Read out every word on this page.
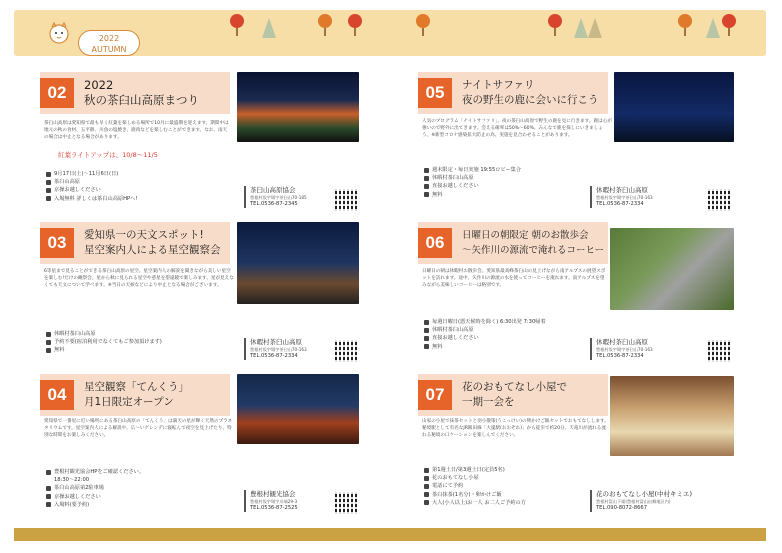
2022
AUTUMN
02	2022
秋の茶臼山高原まつり
茶臼山高原は愛知県で最も早く紅葉を楽しめる場所で10月に最盛期を迎えます。期間中は地元の秋の食材、五平餅、川魚の塩焼き、鹿肉などを楽しむことができます。なお、雨天の場合は中止となる場合があります。
紅葉ライトアップは、10/8～11/5
9月17日(土)～11月6日(日)
茶臼山高原
京操お越しください
入場無料 詳しくは茶臼山高原HPへ!
茶臼山高原協会
豊根村坂宇場字茶臼山70-185
TEL.0536-87-2345
03	愛知県一の天文スポット!
星空案内人による星空観察会
6等星まで見ることができる茶臼山高原の星空。星空案内人の解説を聞きながら美しい星空を楽しむ!だけの観察会。星から秋に見られる星空や惑星を望遠鏡で楽しみます。星が見えなくても天文について学べます。※当日の天候などにより中止となる場合がございます。
休暇村茶臼山高原
予約不要(宿泊利用でなくてもご参加頂けます)
無料
休暇村茶臼山高原
豊根村坂宇場字茶臼山70-163
TEL.0536-87-2334
04	星空観察「てんくう」
月1日限定オープン
愛知県で一番星に近い場所にある茶臼山高原の「てんくう」は満天の星が輝く天然のプラネタリウムです。星空案内人による解説や、広～いゲレンデに寝転んで夜空を見上げたり、特別な時間をお楽しみください。
豊根村観光協会HPをご確認ください。
18:30～22:00
茶臼山高原第2駐車場
京操お越しください
入場料(要予約)
豊根村観光協会
豊根村坂宇場字川端29-3
TEL.0536-87-2525
05	ナイトサファリ
夜の野生の鹿に会いに行こう
人気のプログラム「ナイトサファリ」。夜の茶臼山高原で野生の鹿を見に行きます。鹿は心が強いので野外に出てきます。会える確率は50%～60%。みんなで鹿を探しにいきましょう。※新型コロナ感染拡大防止の為、実施を見合わせることがあります。
週末限定・毎日実施 19:55ロビー集合
休暇村茶臼山高原
直接お越しください
無料
休暇村茶臼山高原
豊根村坂宇場字茶臼山70-163
TEL.0536-87-2334
06	日曜日の朝限定 朝のお散歩会
～矢作川の源流で淹れるコーヒー
日曜日の朝は休暇村お散歩会。愛知県最高峰茶臼山の見上げながら南アルプスの展望スポットを訪れます。途中、矢作川の源流の水を使ってコーヒーを淹れます。南アルプスを望みながら美味しいコーヒーは格別です。
毎週日曜日(悪天候時を除く) 6:30出発 7:30帰着
休暇村茶臼山高原
直接お越しください
無料
休暇村茶臼山高原
豊根村坂宇場字茶臼山70-163
TEL.0536-87-2334
07	花のおもてなし小屋で
一期一会を
山家の小屋で抹茶セットと羽小散策(うこっけい)の卵かけご飯セットでおもてなしします。秘境駅として有名なJR飯田線「大嵐駅(おおぞれ)」から徒歩で約20分。天竜川が流れる流れる秘境の口ケーションを楽しんでください。
第1週土日/第3週土日(定員5名)
花のおもてなし小屋
電話にて予約
茶臼抹茶(1名分)・卵かけご飯
大人(小人以上)お一人 お二人ご予約の方
花のおもてなし小屋(中村キミエ)
豊根村富山下栗(豊根村富山出郷地区内)
TEL.090-8072-8667
